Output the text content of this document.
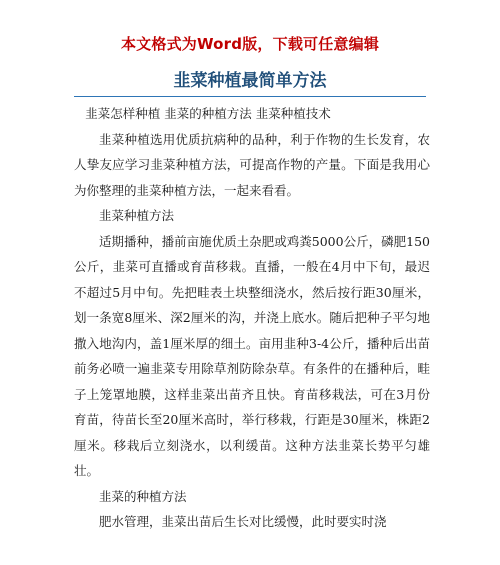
本文格式为Word版，下载可任意编辑
韭菜种植最简单方法

韭菜怎样种植 韭菜的种植方法 韭菜种植技术

韭菜种植选用优质抗病种的品种，利于作物的生长发育，农人挚友应学习韭菜种植方法，可提高作物的产量。下面是我用心为你整理的韭菜种植方法，一起来看看。

韭菜种植方法

适期播种，播前亩施优质土杂肥或鸡粪5000公斤，磷肥150公斤，韭菜可直播或育苗移栽。直播，一般在4月中下旬，最迟不超过5月中旬。先把畦表土块整细浇水，然后按行距30厘米，划一条宽8厘米、深2厘米的沟，并浇上底水。随后把种子平匀地撒入地沟内，盖1厘米厚的细土。亩用韭种3-4公斤，播种后出苗前务必喷一遍韭菜专用除草剂防除杂草。有条件的在播种后，畦子上笼罩地膜，这样韭菜出苗齐且快。育苗移栽法，可在3月份育苗，待苗长至20厘米高时，举行移栽，行距是30厘米，株距2厘米。移栽后立刻浇水，以利缓苗。这种方法韭菜长势平匀雄壮。

韭菜的种植方法

肥水管理，韭菜出苗后生长对比缓慢，此时要实时浇
